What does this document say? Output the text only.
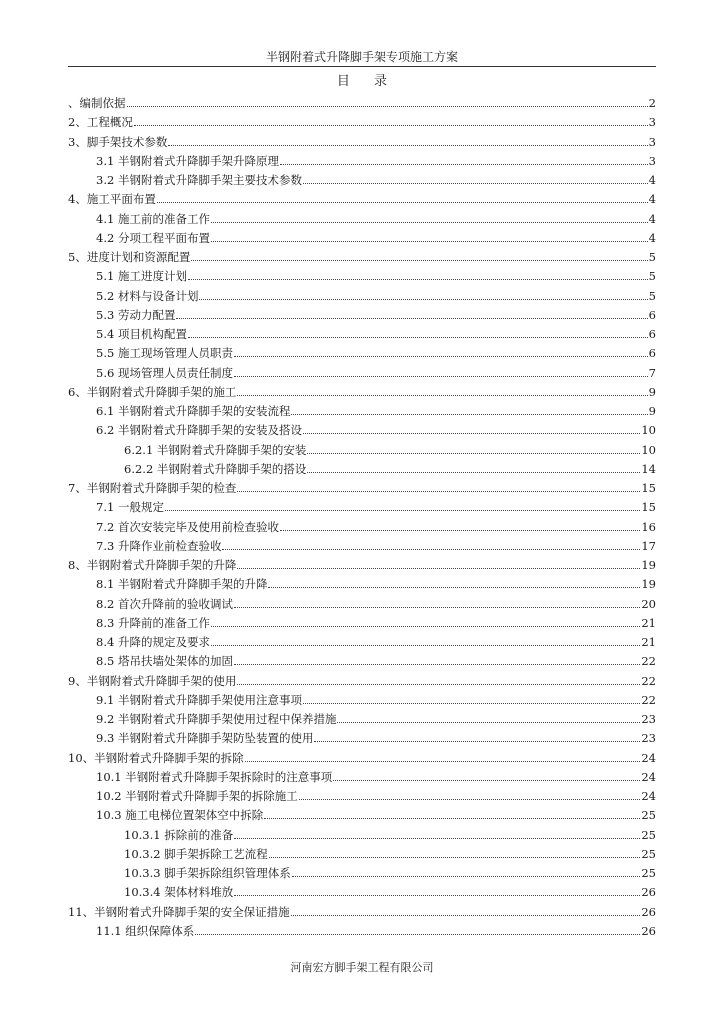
半钢附着式升降脚手架专项施工方案
目 录
、编制依据	2
2、工程概况	3
3、脚手架技术参数	3
3.1 半钢附着式升降脚手架升降原理	3
3.2 半钢附着式升降脚手架主要技术参数	4
4、施工平面布置	4
4.1 施工前的准备工作	4
4.2 分项工程平面布置	4
5、进度计划和资源配置	5
5.1 施工进度计划	5
5.2 材料与设备计划	5
5.3 劳动力配置	6
5.4 项目机构配置	6
5.5 施工现场管理人员职责	6
5.6 现场管理人员责任制度	7
6、半钢附着式升降脚手架的施工	9
6.1 半钢附着式升降脚手架的安装流程	9
6.2 半钢附着式升降脚手架的安装及搭设	10
6.2.1 半钢附着式升降脚手架的安装	10
6.2.2 半钢附着式升降脚手架的搭设	14
7、半钢附着式升降脚手架的检查	15
7.1 一般规定	15
7.2 首次安装完毕及使用前检查验收	16
7.3 升降作业前检查验收	17
8、半钢附着式升降脚手架的升降	19
8.1 半钢附着式升降脚手架的升降	19
8.2 首次升降前的验收调试	20
8.3 升降前的准备工作	21
8.4 升降的规定及要求	21
8.5 塔吊扶墙处架体的加固	22
9、半钢附着式升降脚手架的使用	22
9.1 半钢附着式升降脚手架使用注意事项	22
9.2 半钢附着式升降脚手架使用过程中保养措施	23
9.3 半钢附着式升降脚手架防坠装置的使用	23
10、半钢附着式升降脚手架的拆除	24
10.1 半钢附着式升降脚手架拆除时的注意事项	24
10.2 半钢附着式升降脚手架的拆除施工	24
10.3 施工电梯位置架体空中拆除	25
10.3.1 拆除前的准备	25
10.3.2 脚手架拆除工艺流程	25
10.3.3 脚手架拆除组织管理体系	25
10.3.4 架体材料堆放	26
11、半钢附着式升降脚手架的安全保证措施	26
11.1 组织保障体系	26
河南宏方脚手架工程有限公司
